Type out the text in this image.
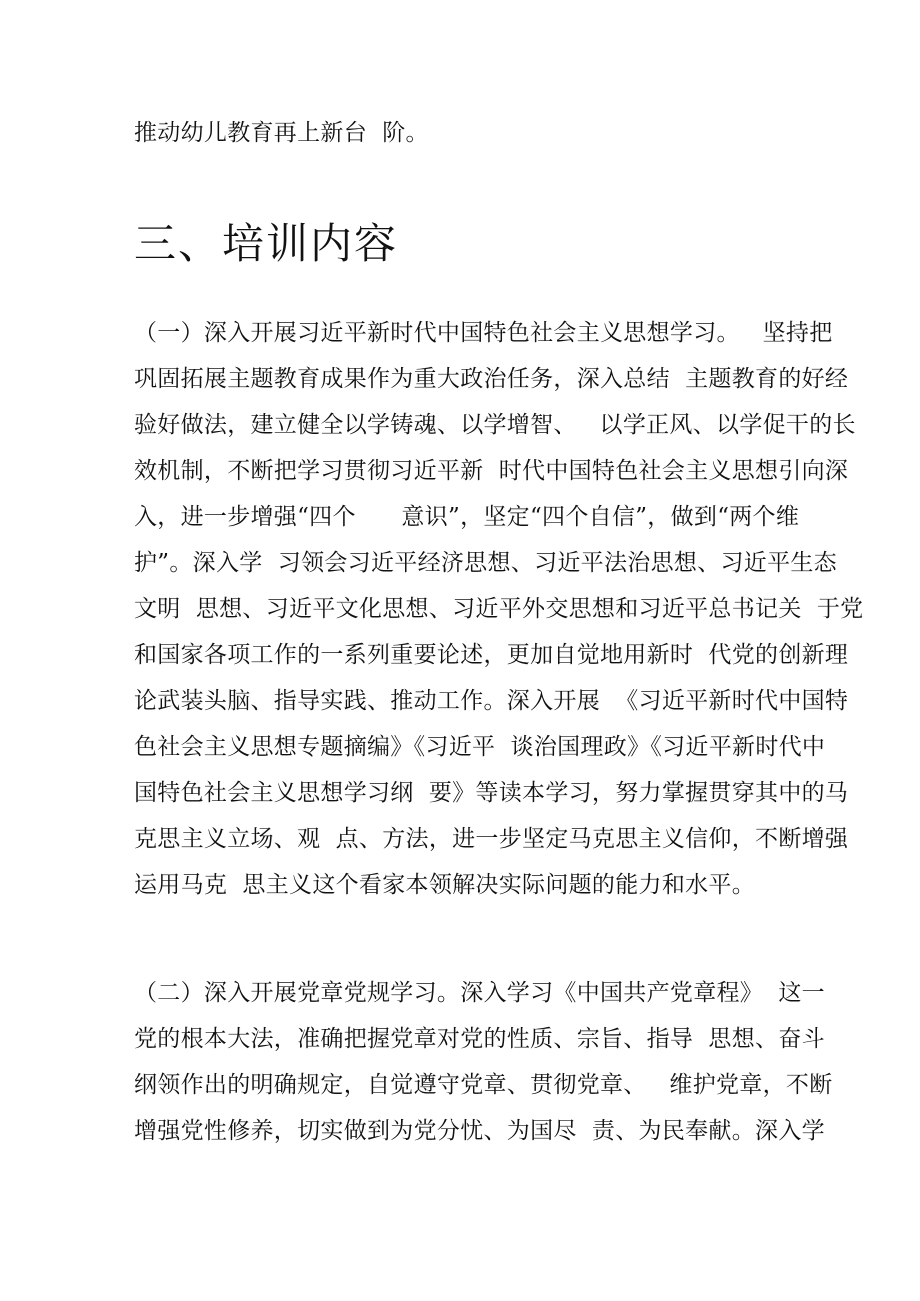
推动幼儿教育再上新台  阶。
三、培训内容
（一）深入开展习近平新时代中国特色社会主义思想学习。   坚持把
巩固拓展主题教育成果作为重大政治任务，深入总结  主题教育的好经
验好做法，建立健全以学铸魂、以学增智、   以学正风、以学促干的长
效机制，不断把学习贯彻习近平新  时代中国特色社会主义思想引向深
入，进一步增强“四个      意识”，坚定“四个自信”，做到“两个维
护”。深入学  习领会习近平经济思想、习近平法治思想、习近平生态
文明  思想、习近平文化思想、习近平外交思想和习近平总书记关  于党
和国家各项工作的一系列重要论述，更加自觉地用新时  代党的创新理
论武装头脑、指导实践、推动工作。深入开展  《习近平新时代中国特
色社会主义思想专题摘编》《习近平  谈治国理政》《习近平新时代中
国特色社会主义思想学习纲  要》等读本学习，努力掌握贯穿其中的马
克思主义立场、观  点、方法，进一步坚定马克思主义信仰，不断增强
运用马克  思主义这个看家本领解决实际问题的能力和水平。
（二）深入开展党章党规学习。深入学习《中国共产党章程》  这一
党的根本大法，准确把握党章对党的性质、宗旨、指导  思想、奋斗
纲领作出的明确规定，自觉遵守党章、贯彻党章、   维护党章，不断
增强党性修养，切实做到为党分忧、为国尽  责、为民奉献。深入学
